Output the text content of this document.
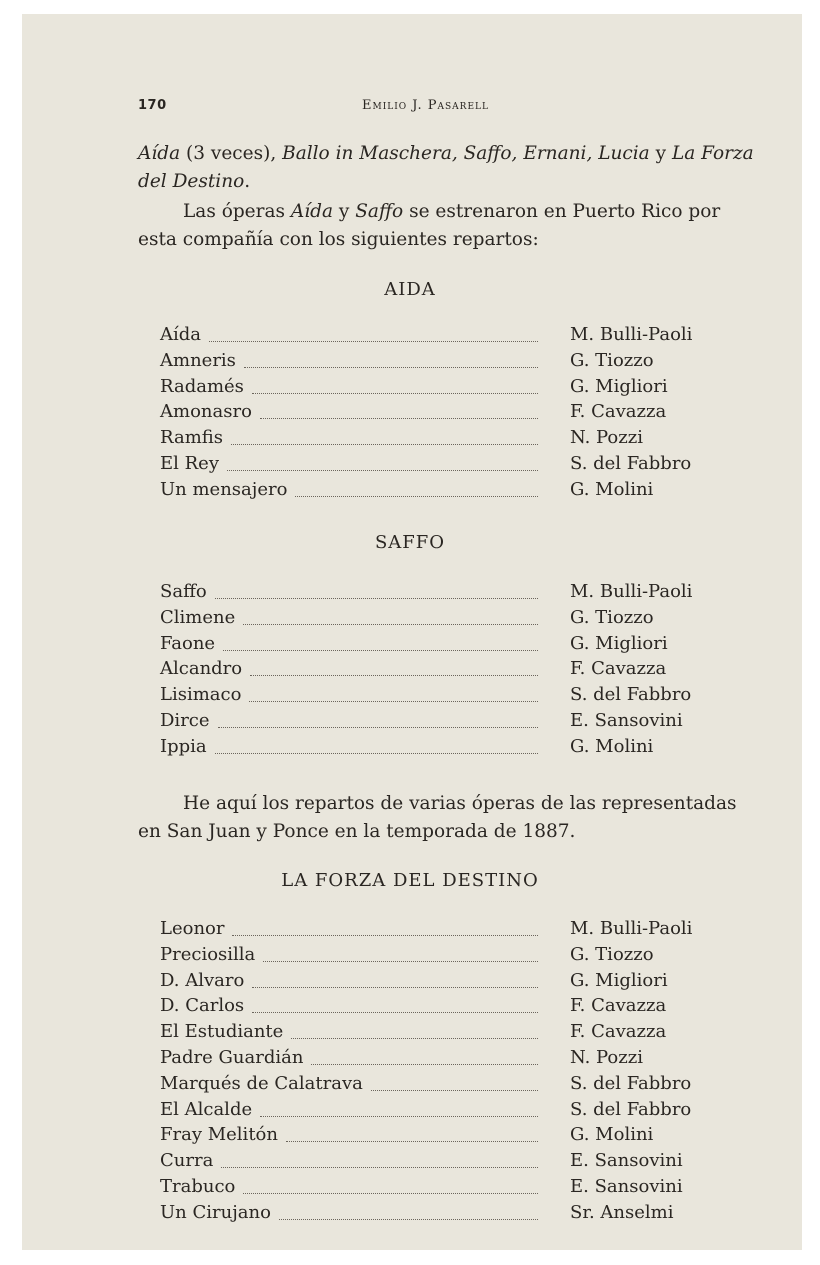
170	Emilio J. Pasarell
Aída (3 veces), Ballo in Maschera, Saffo, Ernani, Lucia y La Forza del Destino.
Las óperas Aída y Saffo se estrenaron en Puerto Rico por esta compañía con los siguientes repartos:
AIDA
Aída	M. Bulli-Paoli
Amneris	G. Tiozzo
Radamés	G. Migliori
Amonasro	F. Cavazza
Ramfis	N. Pozzi
El Rey	S. del Fabbro
Un mensajero	G. Molini
SAFFO
Saffo	M. Bulli-Paoli
Climene	G. Tiozzo
Faone	G. Migliori
Alcandro	F. Cavazza
Lisimaco	S. del Fabbro
Dirce	E. Sansovini
Ippia	G. Molini
He aquí los repartos de varias óperas de las representadas en San Juan y Ponce en la temporada de 1887.
LA FORZA DEL DESTINO
Leonor	M. Bulli-Paoli
Preciosilla	G. Tiozzo
D. Alvaro	G. Migliori
D. Carlos	F. Cavazza
El Estudiante	F. Cavazza
Padre Guardián	N. Pozzi
Marqués de Calatrava	S. del Fabbro
El Alcalde	S. del Fabbro
Fray Melitón	G. Molini
Curra	E. Sansovini
Trabuco	E. Sansovini
Un Cirujano	Sr. Anselmi
